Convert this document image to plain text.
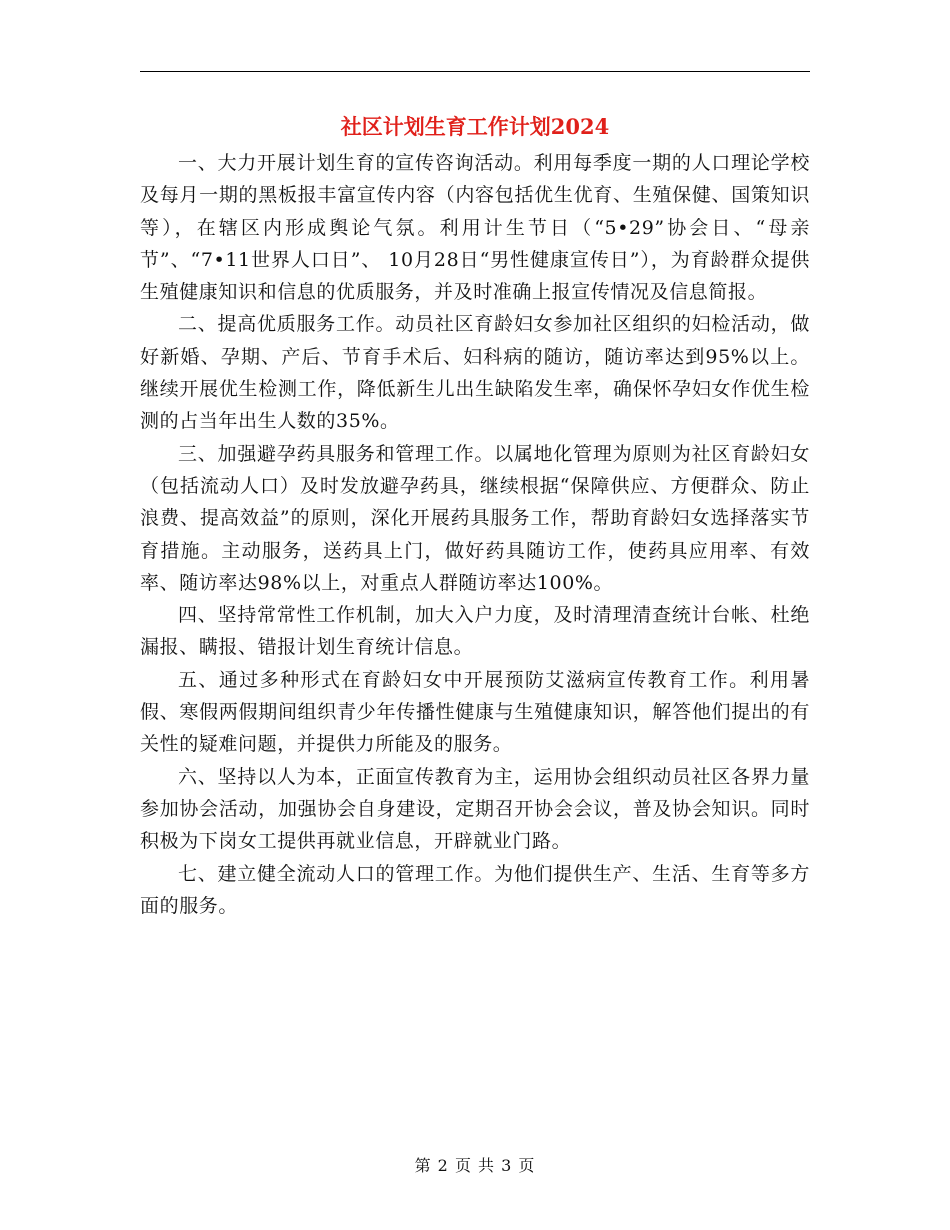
社区计划生育工作计划2024

一、大力开展计划生育的宣传咨询活动。利用每季度一期的人口理论学校及每月一期的黑板报丰富宣传内容（内容包括优生优育、生殖保健、国策知识等），在辖区内形成舆论气氛。利用计生节日（“5•29”协会日、“母亲节”、“7•11世界人口日”、 10月28日“男性健康宣传日”），为育龄群众提供生殖健康知识和信息的优质服务，并及时准确上报宣传情况及信息简报。

二、提高优质服务工作。动员社区育龄妇女参加社区组织的妇检活动，做好新婚、孕期、产后、节育手术后、妇科病的随访，随访率达到95%以上。继续开展优生检测工作，降低新生儿出生缺陷发生率，确保怀孕妇女作优生检测的占当年出生人数的35%。

三、加强避孕药具服务和管理工作。以属地化管理为原则为社区育龄妇女（包括流动人口）及时发放避孕药具，继续根据“保障供应、方便群众、防止浪费、提高效益”的原则，深化开展药具服务工作，帮助育龄妇女选择落实节育措施。主动服务，送药具上门，做好药具随访工作，使药具应用率、有效率、随访率达98%以上，对重点人群随访率达100%。

四、坚持常常性工作机制，加大入户力度，及时清理清查统计台帐、杜绝漏报、瞒报、错报计划生育统计信息。

五、通过多种形式在育龄妇女中开展预防艾滋病宣传教育工作。利用暑假、寒假两假期间组织青少年传播性健康与生殖健康知识，解答他们提出的有关性的疑难问题，并提供力所能及的服务。

六、坚持以人为本，正面宣传教育为主，运用协会组织动员社区各界力量参加协会活动，加强协会自身建设，定期召开协会会议，普及协会知识。同时积极为下岗女工提供再就业信息，开辟就业门路。

七、建立健全流动人口的管理工作。为他们提供生产、生活、生育等多方面的服务。

第 2 页 共 3 页
